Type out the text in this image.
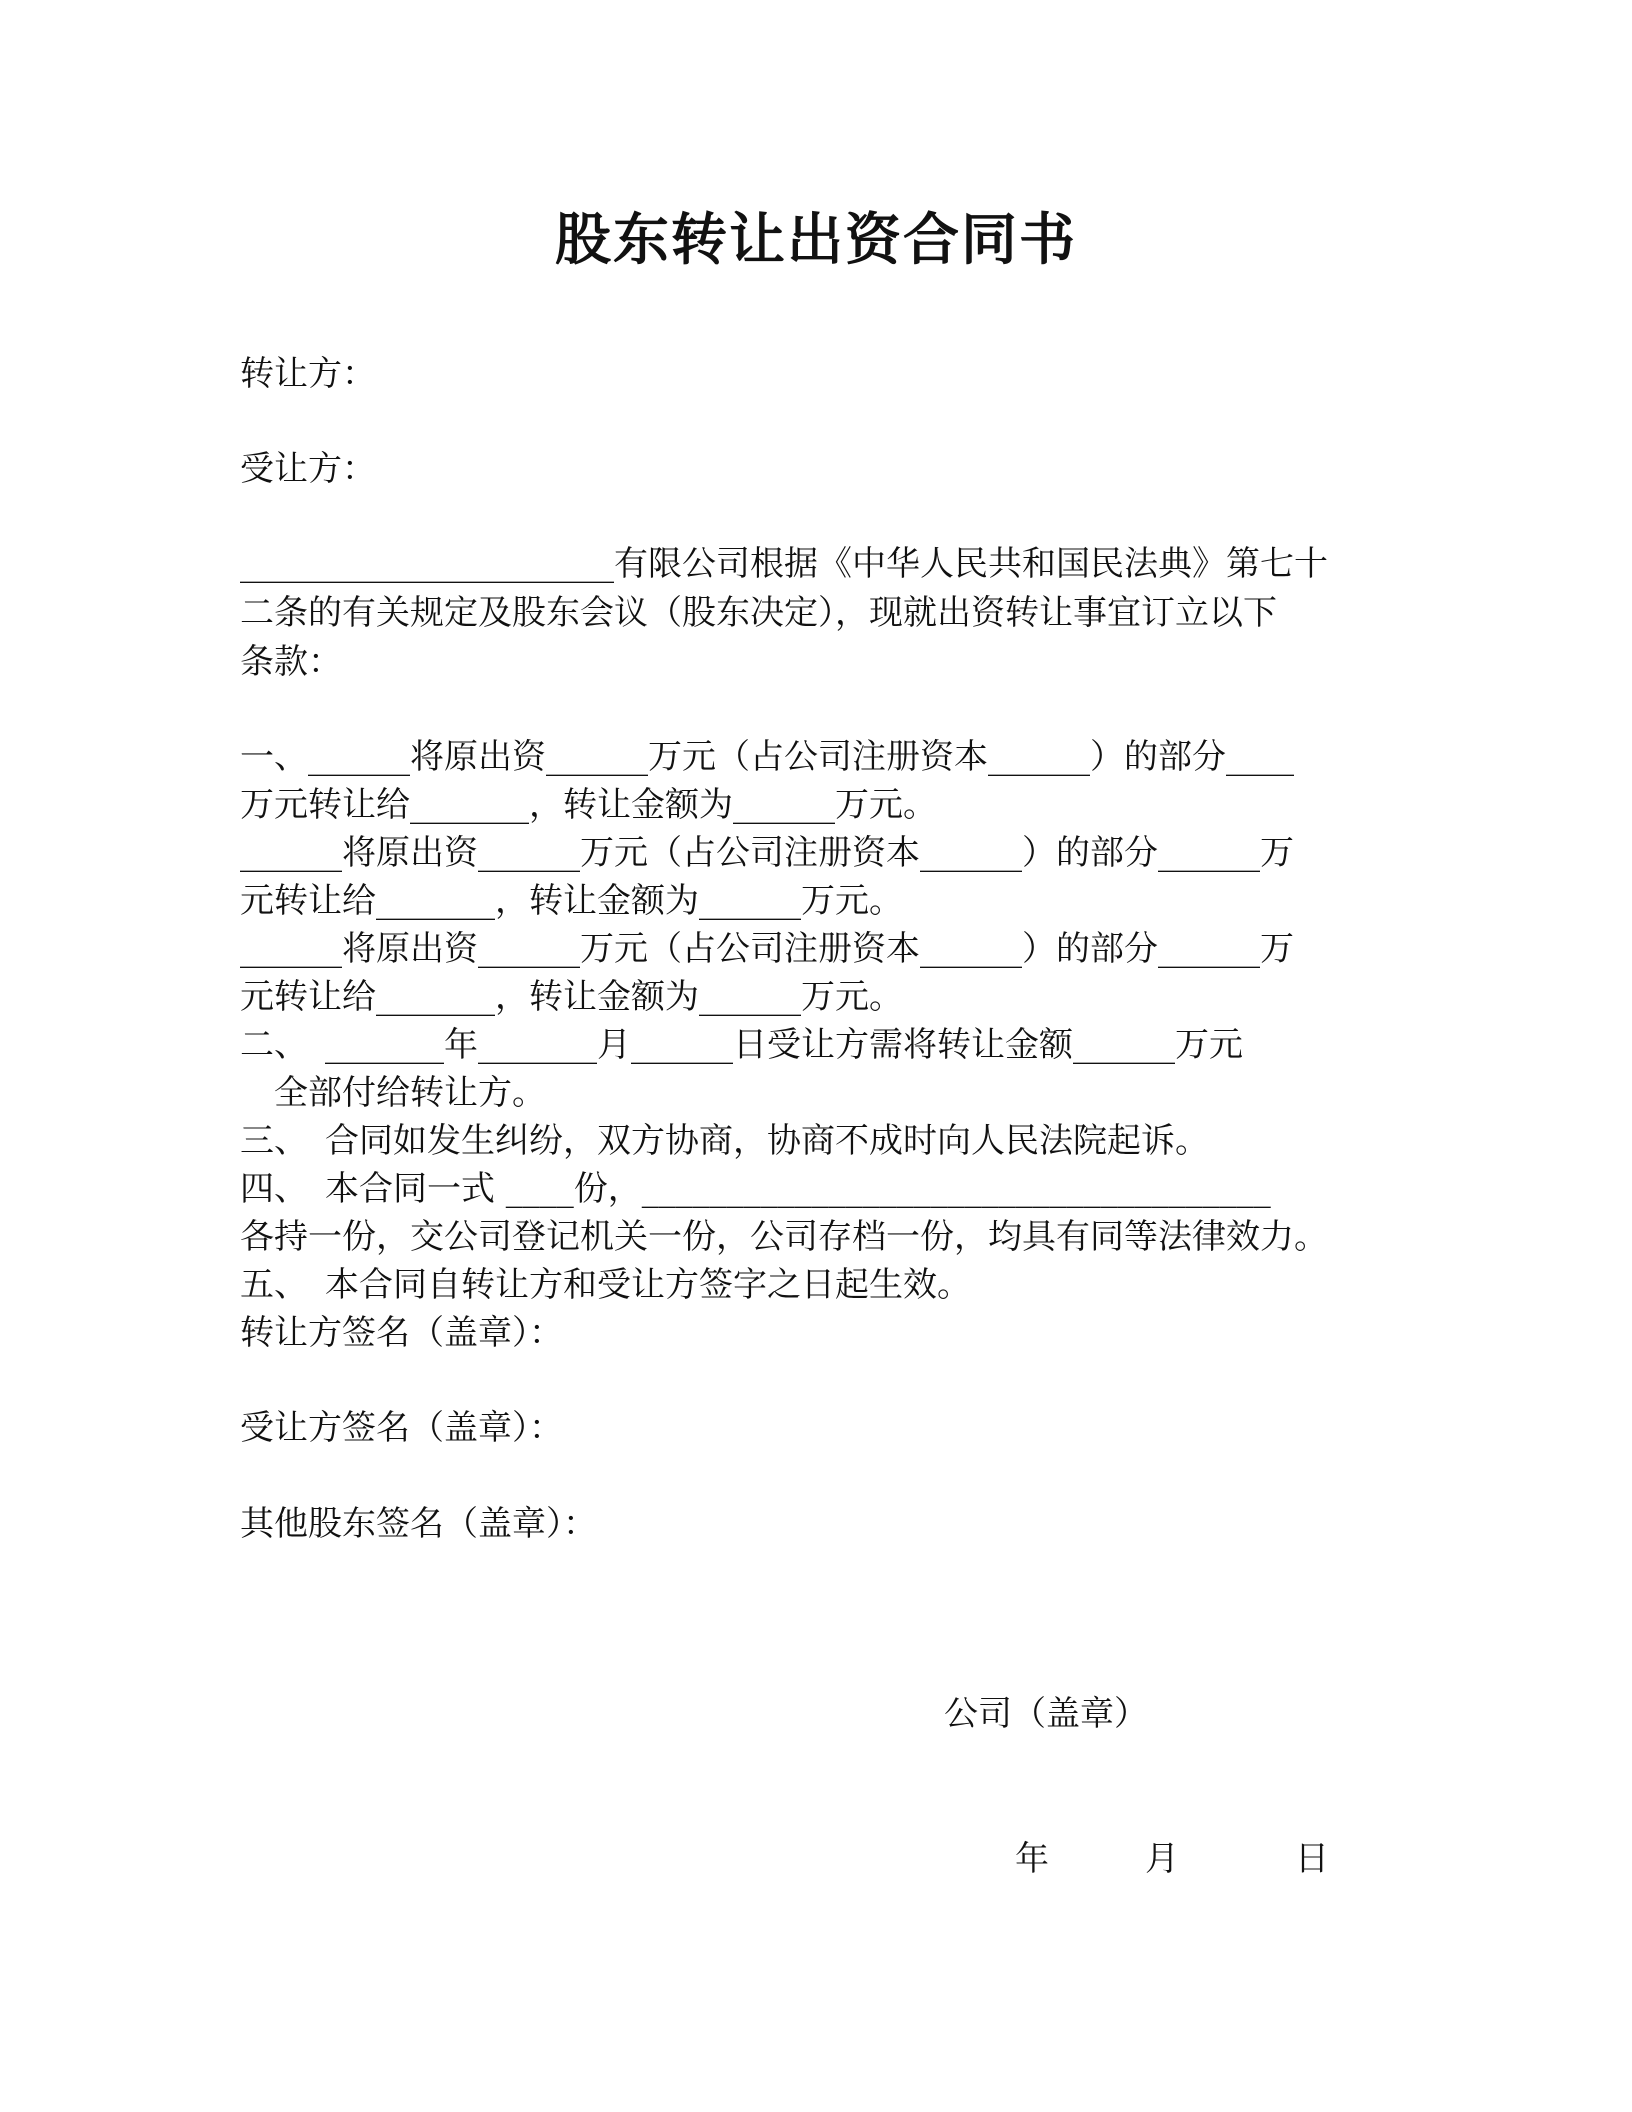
股东转让出资合同书
转让方：
受让方：
______________________有限公司根据《中华人民共和国民法典》第七十
二条的有关规定及股东会议（股东决定），现就出资转让事宜订立以下
条款：
一、______将原出资______万元（占公司注册资本______）的部分____
万元转让给_______，转让金额为______万元。
______将原出资______万元（占公司注册资本______）的部分______万
元转让给_______，转让金额为______万元。
______将原出资______万元（占公司注册资本______）的部分______万
元转让给_______，转让金额为______万元。
二、　_______年_______月______日受让方需将转让金额______万元
　全部付给转让方。
三、　合同如发生纠纷，双方协商，协商不成时向人民法院起诉。
四、　本合同一式 ____份，_____________________________________
各持一份，交公司登记机关一份，公司存档一份，均具有同等法律效力。
五、　本合同自转让方和受让方签字之日起生效。
转让方签名（盖章）：
受让方签名（盖章）：
其他股东签名（盖章）：
公司（盖章）
年	月	日
